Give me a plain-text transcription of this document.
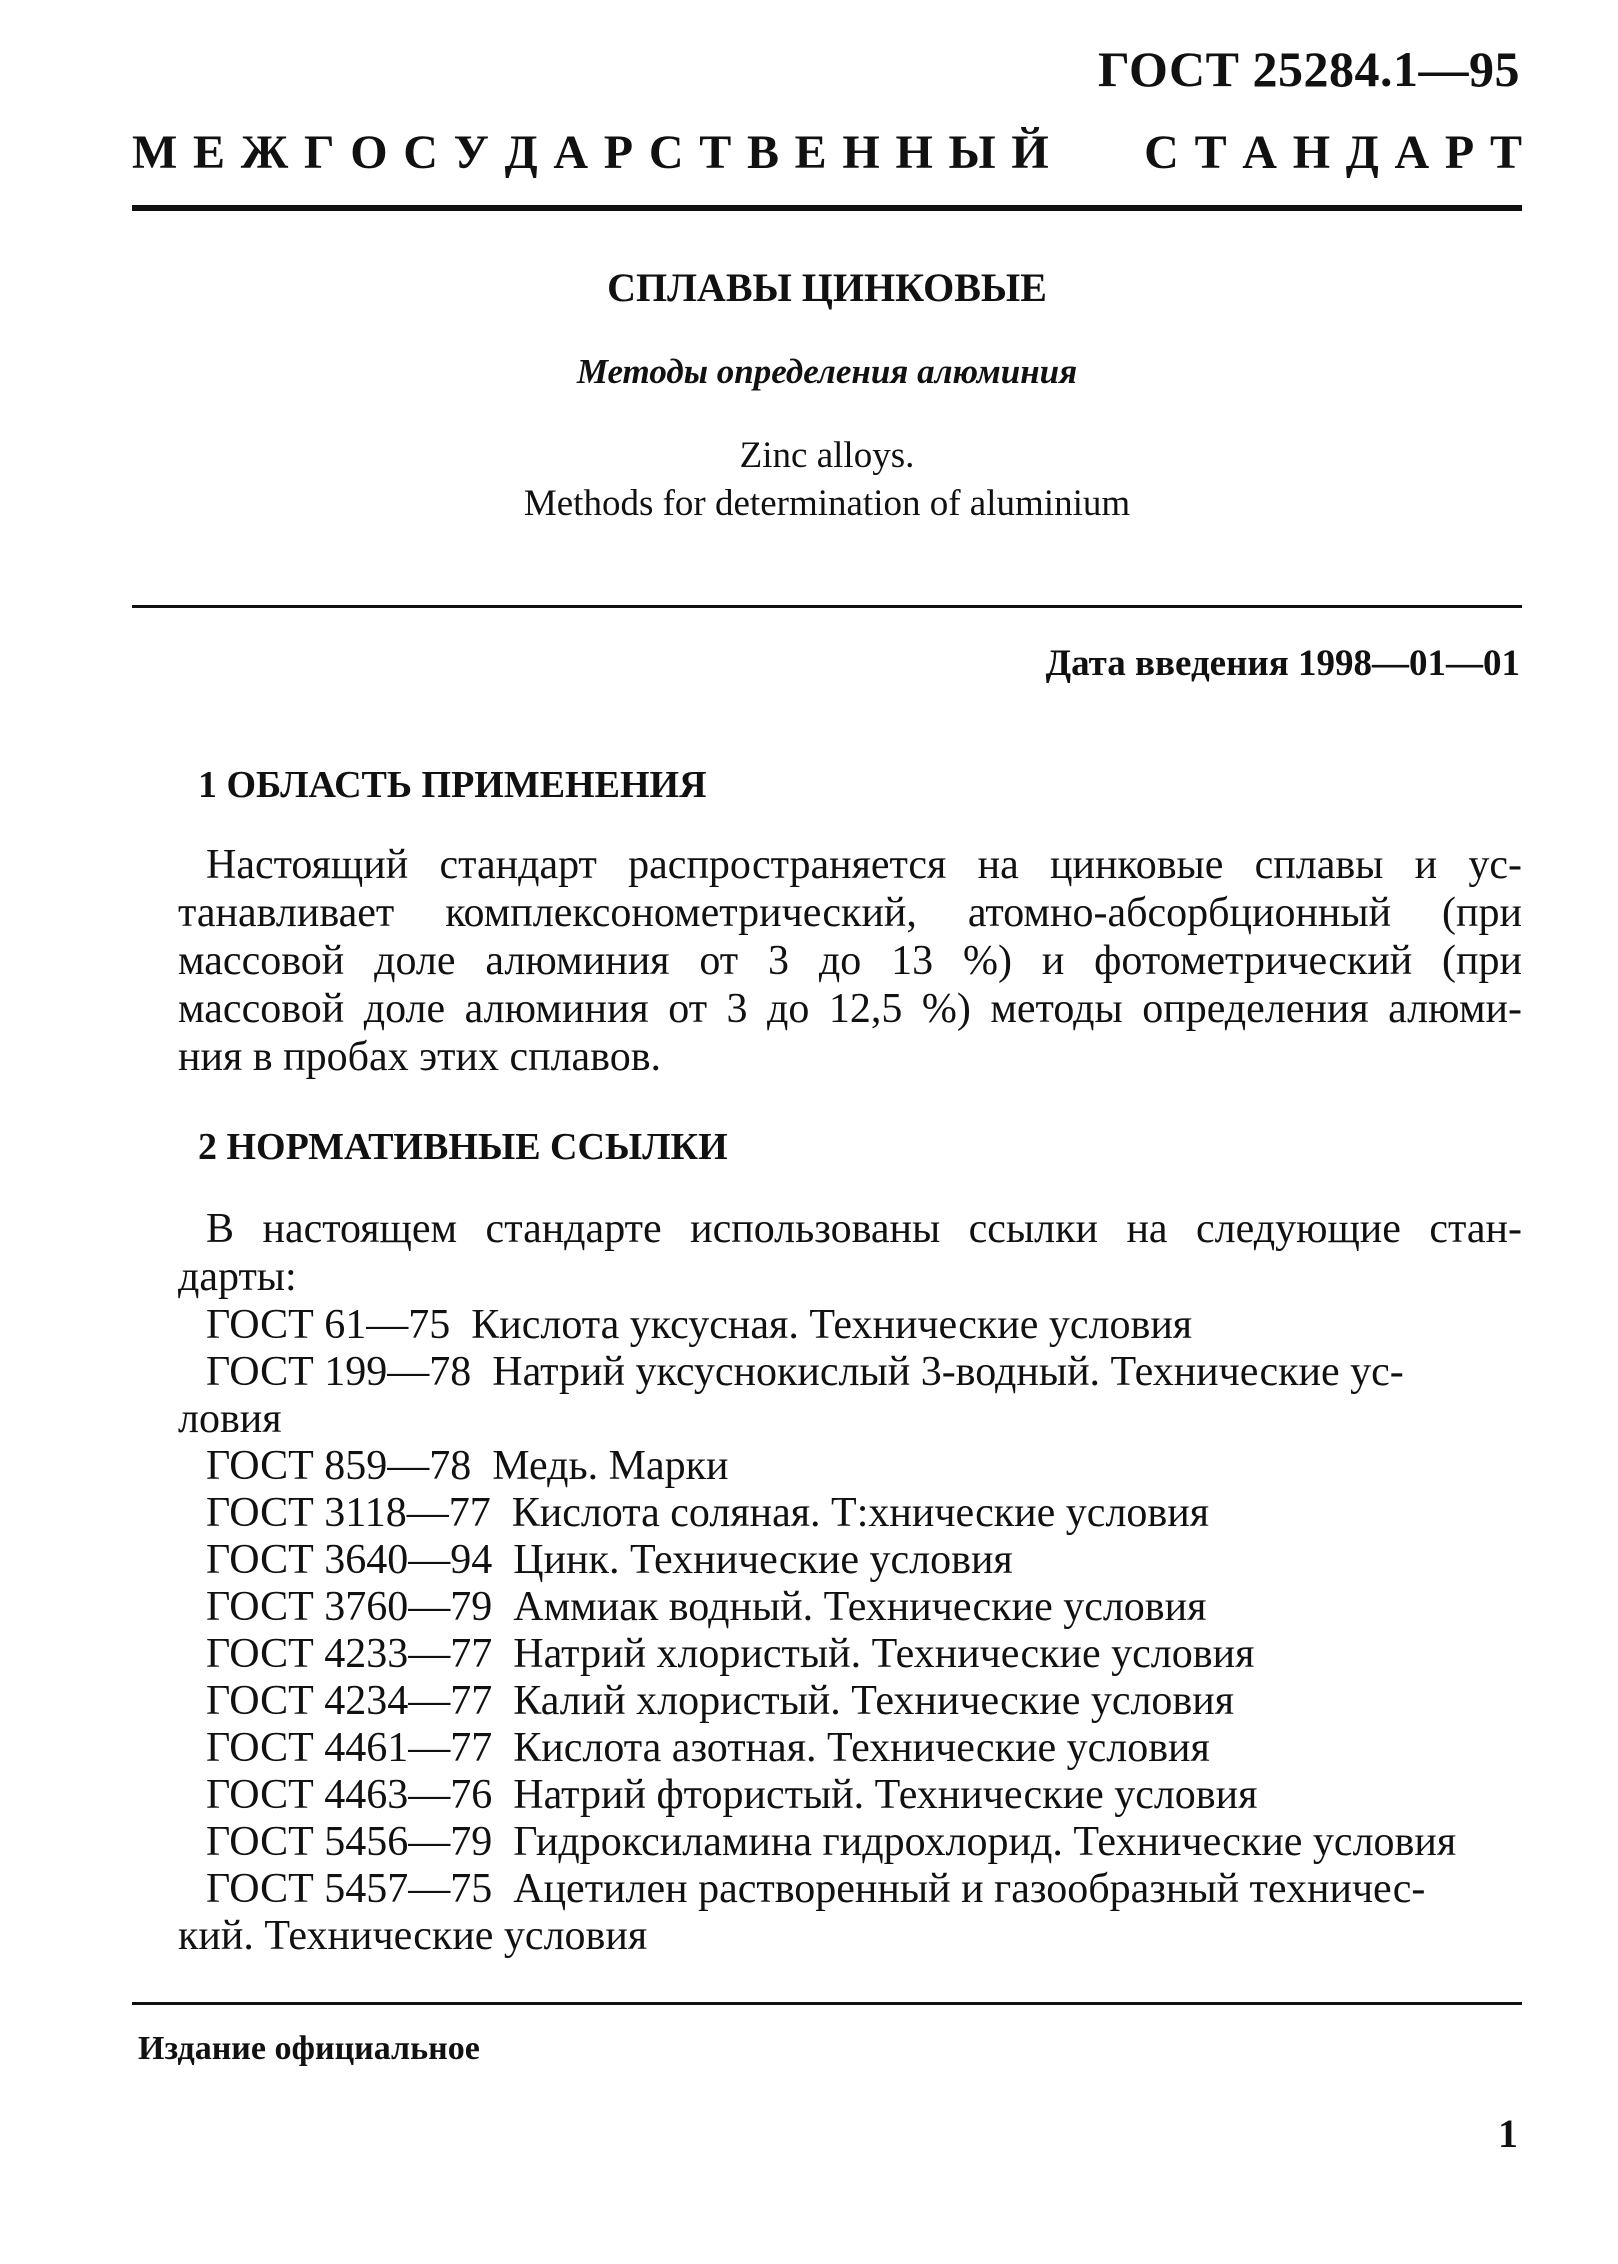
ГОСТ 25284.1—95
М Е Ж Г О С У Д А Р С Т В Е Н Н Ы Й С Т А Н Д А Р Т
СПЛАВЫ ЦИНКОВЫЕ
Методы определения алюминия
Zinc alloys.
Methods for determination of aluminium
Дата введения 1998—01—01
1 ОБЛАСТЬ ПРИМЕНЕНИЯ
Настоящий стандарт распространяется на цинковые сплавы и ус-
танавливает комплексонометрический, атомно-абсорбционный (при
массовой доле алюминия от 3 до 13 %) и фотометрический (при
массовой доле алюминия от 3 до 12,5 %) методы определения алюми-
ния в пробах этих сплавов.
2 НОРМАТИВНЫЕ ССЫЛКИ
В настоящем стандарте использованы ссылки на следующие стан-
дарты:
ГОСТ 61—75  Кислота уксусная. Технические условия
ГОСТ 199—78  Натрий уксуснокислый 3-водный. Технические ус-
ловия
ГОСТ 859—78  Медь. Марки
ГОСТ 3118—77  Кислота соляная. Т:хнические условия
ГОСТ 3640—94  Цинк. Технические условия
ГОСТ 3760—79  Аммиак водный. Технические условия
ГОСТ 4233—77  Натрий хлористый. Технические условия
ГОСТ 4234—77  Калий хлористый. Технические условия
ГОСТ 4461—77  Кислота азотная. Технические условия
ГОСТ 4463—76  Натрий фтористый. Технические условия
ГОСТ 5456—79  Гидроксиламина гидрохлорид. Технические условия
ГОСТ 5457—75  Ацетилен растворенный и газообразный техничес-
кий. Технические условия
Издание официальное
1
